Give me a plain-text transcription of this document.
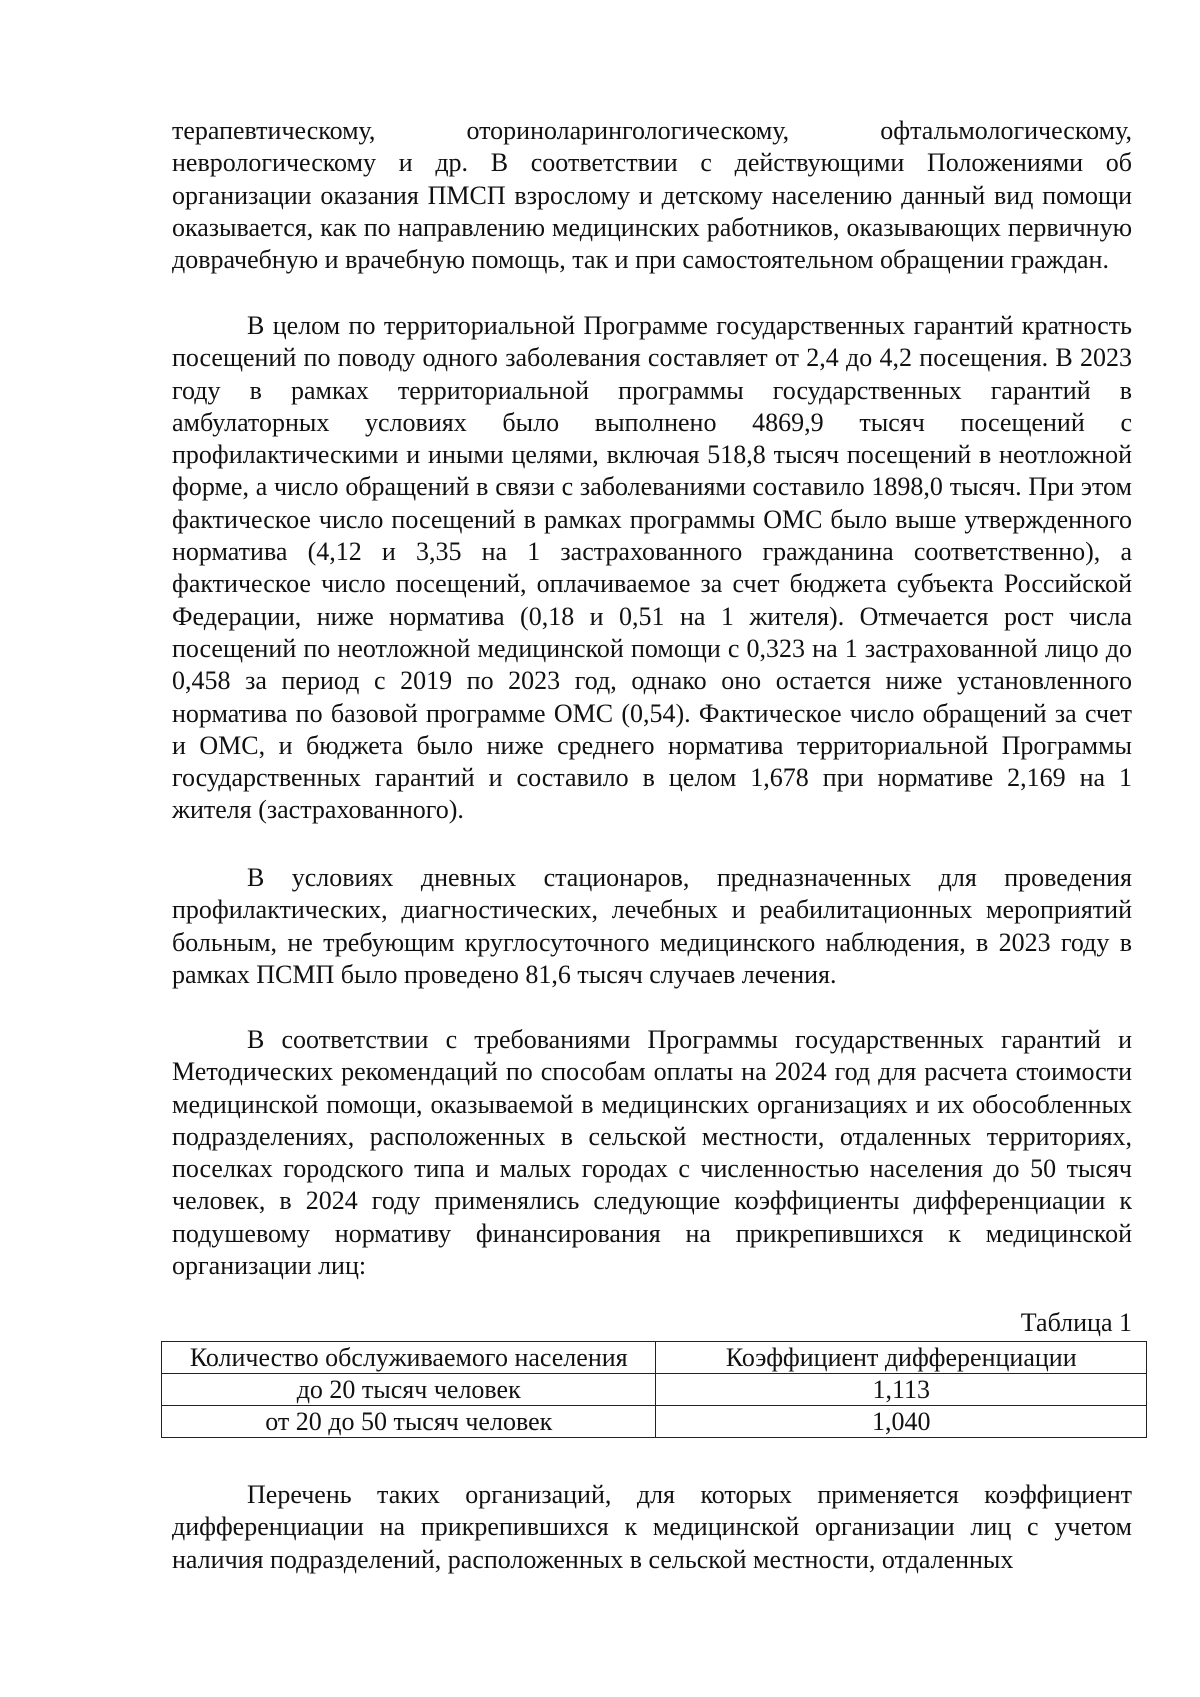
терапевтическому, оториноларингологическому, офтальмологическому, неврологическому и др. В соответствии с действующими Положениями об организации оказания ПМСП взрослому и детскому населению данный вид помощи оказывается, как по направлению медицинских работников, оказывающих первичную доврачебную и врачебную помощь, так и при самостоятельном обращении граждан.

В целом по территориальной Программе государственных гарантий кратность посещений по поводу одного заболевания составляет от 2,4 до 4,2 посещения. В 2023 году в рамках территориальной программы государственных гарантий в амбулаторных условиях было выполнено 4869,9 тысяч посещений с профилактическими и иными целями, включая 518,8 тысяч посещений в неотложной форме, а число обращений в связи с заболеваниями составило 1898,0 тысяч. При этом фактическое число посещений в рамках программы ОМС было выше утвержденного норматива (4,12 и 3,35 на 1 застрахованного гражданина соответственно), а фактическое число посещений, оплачиваемое за счет бюджета субъекта Российской Федерации, ниже норматива (0,18 и 0,51 на 1 жителя). Отмечается рост числа посещений по неотложной медицинской помощи с 0,323 на 1 застрахованной лицо до 0,458 за период с 2019 по 2023 год, однако оно остается ниже установленного норматива по базовой программе ОМС (0,54). Фактическое число обращений за счет и ОМС, и бюджета было ниже среднего норматива территориальной Программы государственных гарантий и составило в целом 1,678 при нормативе 2,169 на 1 жителя (застрахованного).

В условиях дневных стационаров, предназначенных для проведения профилактических, диагностических, лечебных и реабилитационных мероприятий больным, не требующим круглосуточного медицинского наблюдения, в 2023 году в рамках ПСМП было проведено 81,6 тысяч случаев лечения.

В соответствии с требованиями Программы государственных гарантий и Методических рекомендаций по способам оплаты на 2024 год для расчета стоимости медицинской помощи, оказываемой в медицинских организациях и их обособленных подразделениях, расположенных в сельской местности, отдаленных территориях, поселках городского типа и малых городах с численностью населения до 50 тысяч человек, в 2024 году применялись следующие коэффициенты дифференциации к подушевому нормативу финансирования на прикрепившихся к медицинской организации лиц:

Таблица 1

Количество обслуживаемого населения	Коэффициент дифференциации
до 20 тысяч человек	1,113
от 20 до 50 тысяч человек	1,040

Перечень таких организаций, для которых применяется коэффициент дифференциации на прикрепившихся к медицинской организации лиц с учетом наличия подразделений, расположенных в сельской местности, отдаленных
